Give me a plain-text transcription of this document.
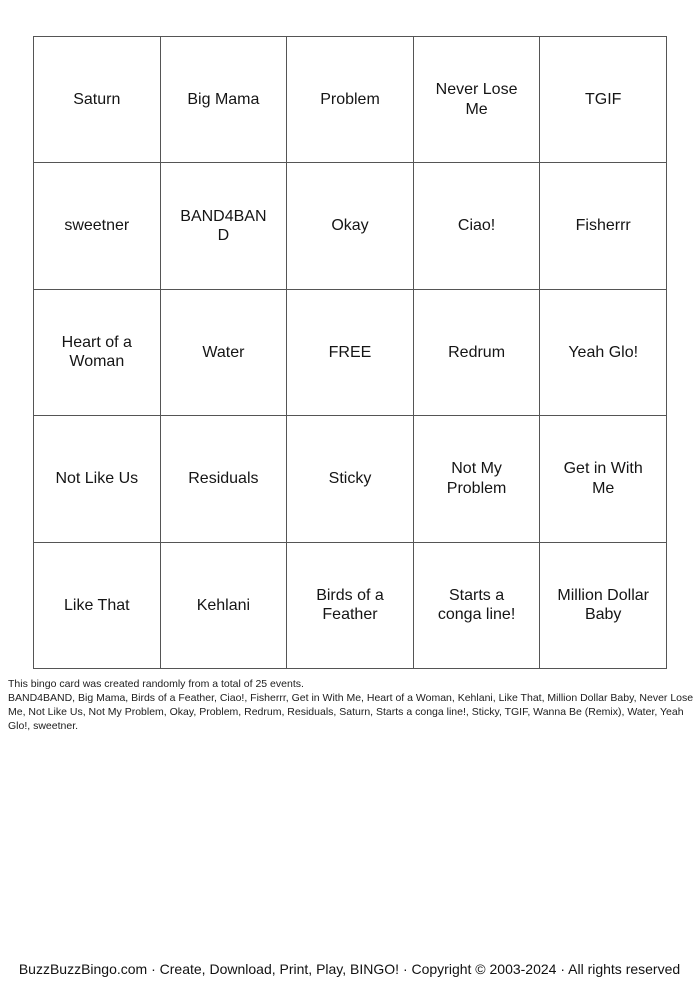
Saturn	Big Mama	Problem	Never Lose Me	TGIF
sweetner	BAND4BAND	Okay	Ciao!	Fisherrr
Heart of a Woman	Water	FREE	Redrum	Yeah Glo!
Not Like Us	Residuals	Sticky	Not My Problem	Get in With Me
Like That	Kehlani	Birds of a Feather	Starts a conga line!	Million Dollar Baby

This bingo card was created randomly from a total of 25 events.

BAND4BAND, Big Mama, Birds of a Feather, Ciao!, Fisherrr, Get in With Me, Heart of a Woman, Kehlani, Like That, Million Dollar Baby, Never Lose Me, Not Like Us, Not My Problem, Okay, Problem, Redrum, Residuals, Saturn, Starts a conga line!, Sticky, TGIF, Wanna Be (Remix), Water, Yeah Glo!, sweetner.

BuzzBuzzBingo.com · Create, Download, Print, Play, BINGO! · Copyright © 2003-2024 · All rights reserved
